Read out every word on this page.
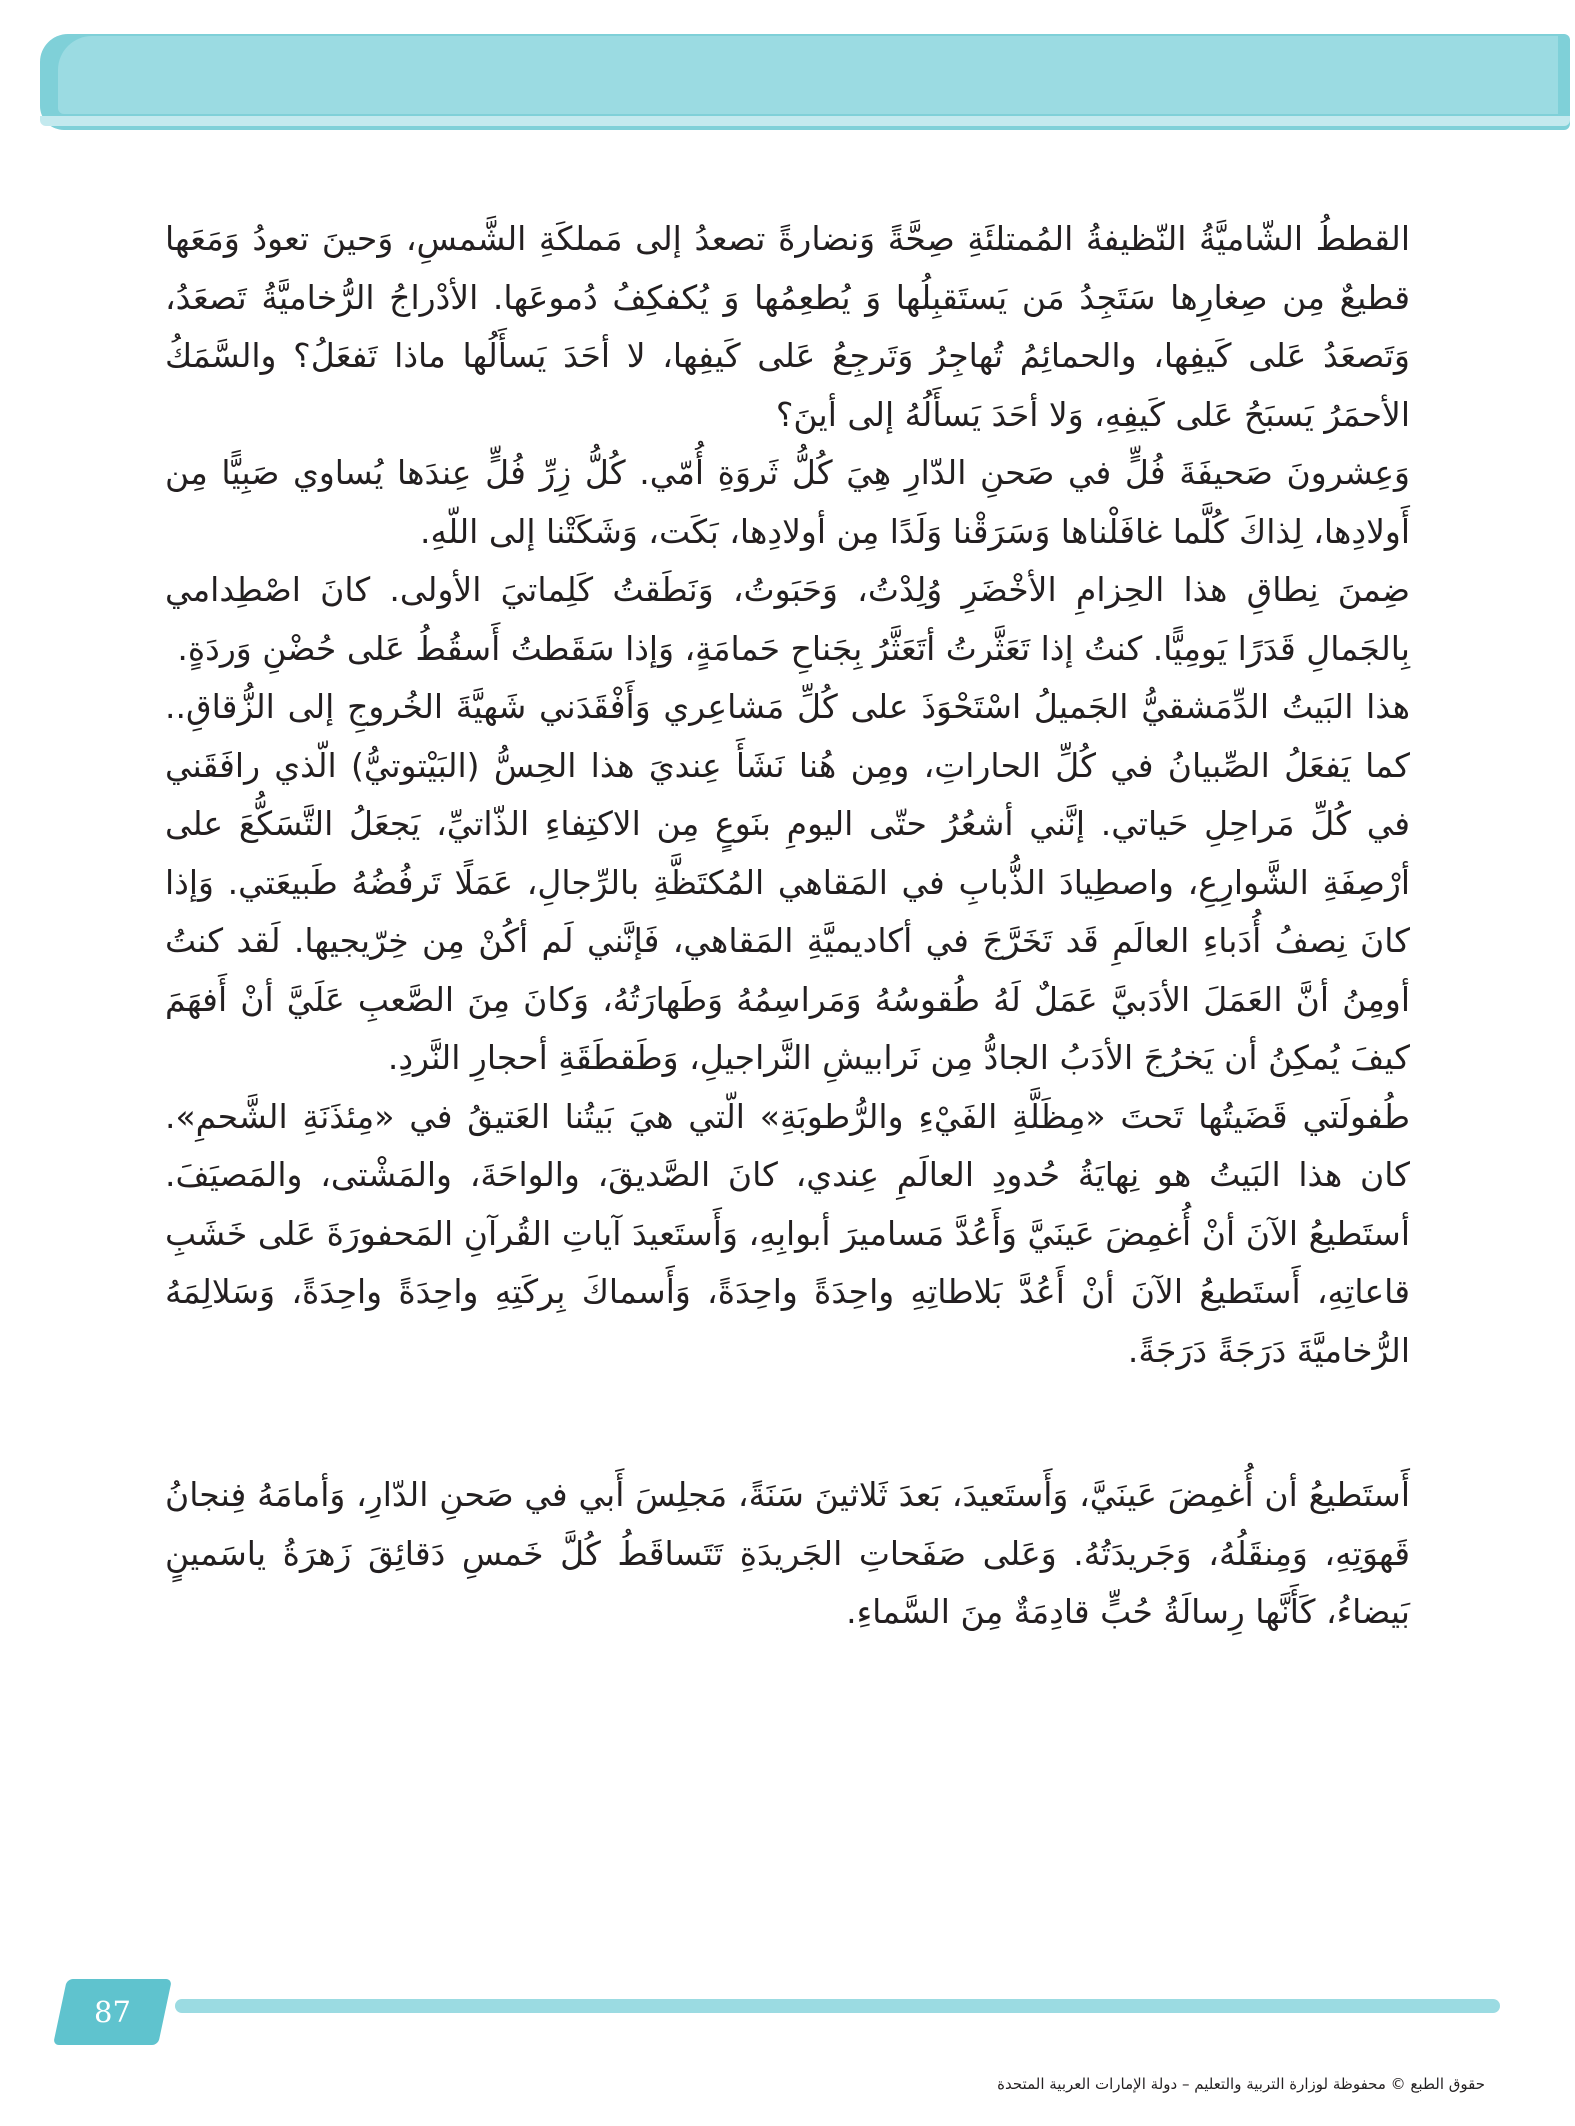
القططُ الشّاميَّةُ النّظيفةُ المُمتلئَةِ صِحَّةً وَنضارةً تصعدُ إلى مَملكَةِ الشَّمسِ، وَحينَ تعودُ وَمَعَها قطيعٌ مِن صِغارِها سَتَجِدُ مَن يَستَقبِلُها وَ يُطعِمُها وَ يُكفكِفُ دُموعَها. الأدْراجُ الرُّخاميَّةُ تَصعَدُ، وَتَصعَدُ عَلى كَيفِها، والحمائِمُ تُهاجِرُ وَتَرجِعُ عَلى كَيفِها، لا أحَدَ يَسأَلُها ماذا تَفعَلُ؟ والسَّمَكُ الأحمَرُ يَسبَحُ عَلى كَيفِهِ، وَلا أحَدَ يَسأَلُهُ إلى أينَ؟

وَعِشرونَ صَحيفَةَ فُلٍّ في صَحنِ الدّارِ هِيَ كُلُّ ثَروَةِ أُمّي. كُلُّ زِرِّ فُلٍّ عِندَها يُساوي صَبِيًّا مِن أَولادِها، لِذاكَ كُلَّما غافَلْناها وَسَرَقْنا وَلَدًا مِن أولادِها، بَكَت، وَشَكَتْنا إلى اللّهِ.

ضِمنَ نِطاقِ هذا الحِزامِ الأخْضَرِ وُلِدْتُ، وَحَبَوتُ، وَنَطَقتُ كَلِماتيَ الأولى. كانَ اصْطِدامي بِالجَمالِ قَدَرًا يَومِيًّا. كنتُ إذا تَعَثَّرتُ أتَعَثَّرُ بِجَناحِ حَمامَةٍ، وَإذا سَقَطتُ أَسقُطُ عَلى حُضْنِ وَردَةٍ.

هذا البَيتُ الدِّمَشقيُّ الجَميلُ اسْتَحْوَذَ على كُلِّ مَشاعِري وَأَفْقَدَني شَهيَّةَ الخُروجِ إلى الزُّقاقِ.. كما يَفعَلُ الصِّبيانُ في كُلِّ الحاراتِ، ومِن هُنا نَشَأَ عِنديَ هذا الحِسُّ (البَيْتوتيُّ) الّذي رافَقَني في كُلِّ مَراحِلِ حَياتي. إنَّني أشعُرُ حتّى اليومِ بنَوعٍ مِن الاكتِفاءِ الذّاتيِّ، يَجعَلُ التَّسَكُّعَ على أرْصِفَةِ الشَّوارِعِ، واصطِيادَ الذُّبابِ في المَقاهي المُكتَظَّةِ بالرِّجالِ، عَمَلًا تَرفُضُهُ طَبيعَتي. وَإذا كانَ نِصفُ أُدَباءِ العالَمِ قَد تَخَرَّجَ في أكاديميَّةِ المَقاهي، فَإنَّني لَم أكُنْ مِن خِرّيجيها. لَقد كنتُ أومِنُ أنَّ العَمَلَ الأدَبيَّ عَمَلٌ لَهُ طُقوسُهُ وَمَراسِمُهُ وَطَهارَتُهُ، وَكانَ مِنَ الصَّعبِ عَلَيَّ أنْ أَفهَمَ كيفَ يُمكِنُ أن يَخرُجَ الأدَبُ الجادُّ مِن نَرابيشِ النَّراجيلِ، وَطَقطَقَةِ أحجارِ النَّردِ.

طُفولَتي قَضَيتُها تَحتَ «مِظَلَّةِ الفَيْءِ والرُّطوبَةِ» الّتي هيَ بَيتُنا العَتيقُ في «مِئذَنَةِ الشَّحمِ». كان هذا البَيتُ هو نِهايَةُ حُدودِ العالَمِ عِندي، كانَ الصَّديقَ، والواحَةَ، والمَشْتى، والمَصيَفَ. أستَطيعُ الآنَ أنْ أُغمِضَ عَينَيَّ وَأَعُدَّ مَساميرَ أبوابِهِ، وَأَستَعيدَ آياتِ القُرآنِ المَحفورَةَ عَلى خَشَبِ قاعاتِهِ، أَستَطيعُ الآنَ أنْ أَعُدَّ بَلاطاتِهِ واحِدَةً واحِدَةً، وَأَسماكَ بِركَتِهِ واحِدَةً واحِدَةً، وَسَلالِمَهُ الرُّخاميَّةَ دَرَجَةً دَرَجَةً.

أَستَطيعُ أن أُغمِضَ عَينَيَّ، وَأَستَعيدَ، بَعدَ ثَلاثينَ سَنَةً، مَجلِسَ أَبي في صَحنِ الدّارِ، وَأمامَهُ فِنجانُ قَهوَتِهِ، وَمِنقَلُهُ، وَجَريدَتُهُ. وَعَلى صَفَحاتِ الجَريدَةِ تَتَساقَطُ كُلَّ خَمسِ دَقائِقَ زَهرَةُ ياسَمينٍ بَيضاءُ، كَأَنَّها رِسالَةُ حُبٍّ قادِمَةٌ مِنَ السَّماءِ.

87
حقوق الطبع © محفوظة لوزارة التربية والتعليم – دولة الإمارات العربية المتحدة
